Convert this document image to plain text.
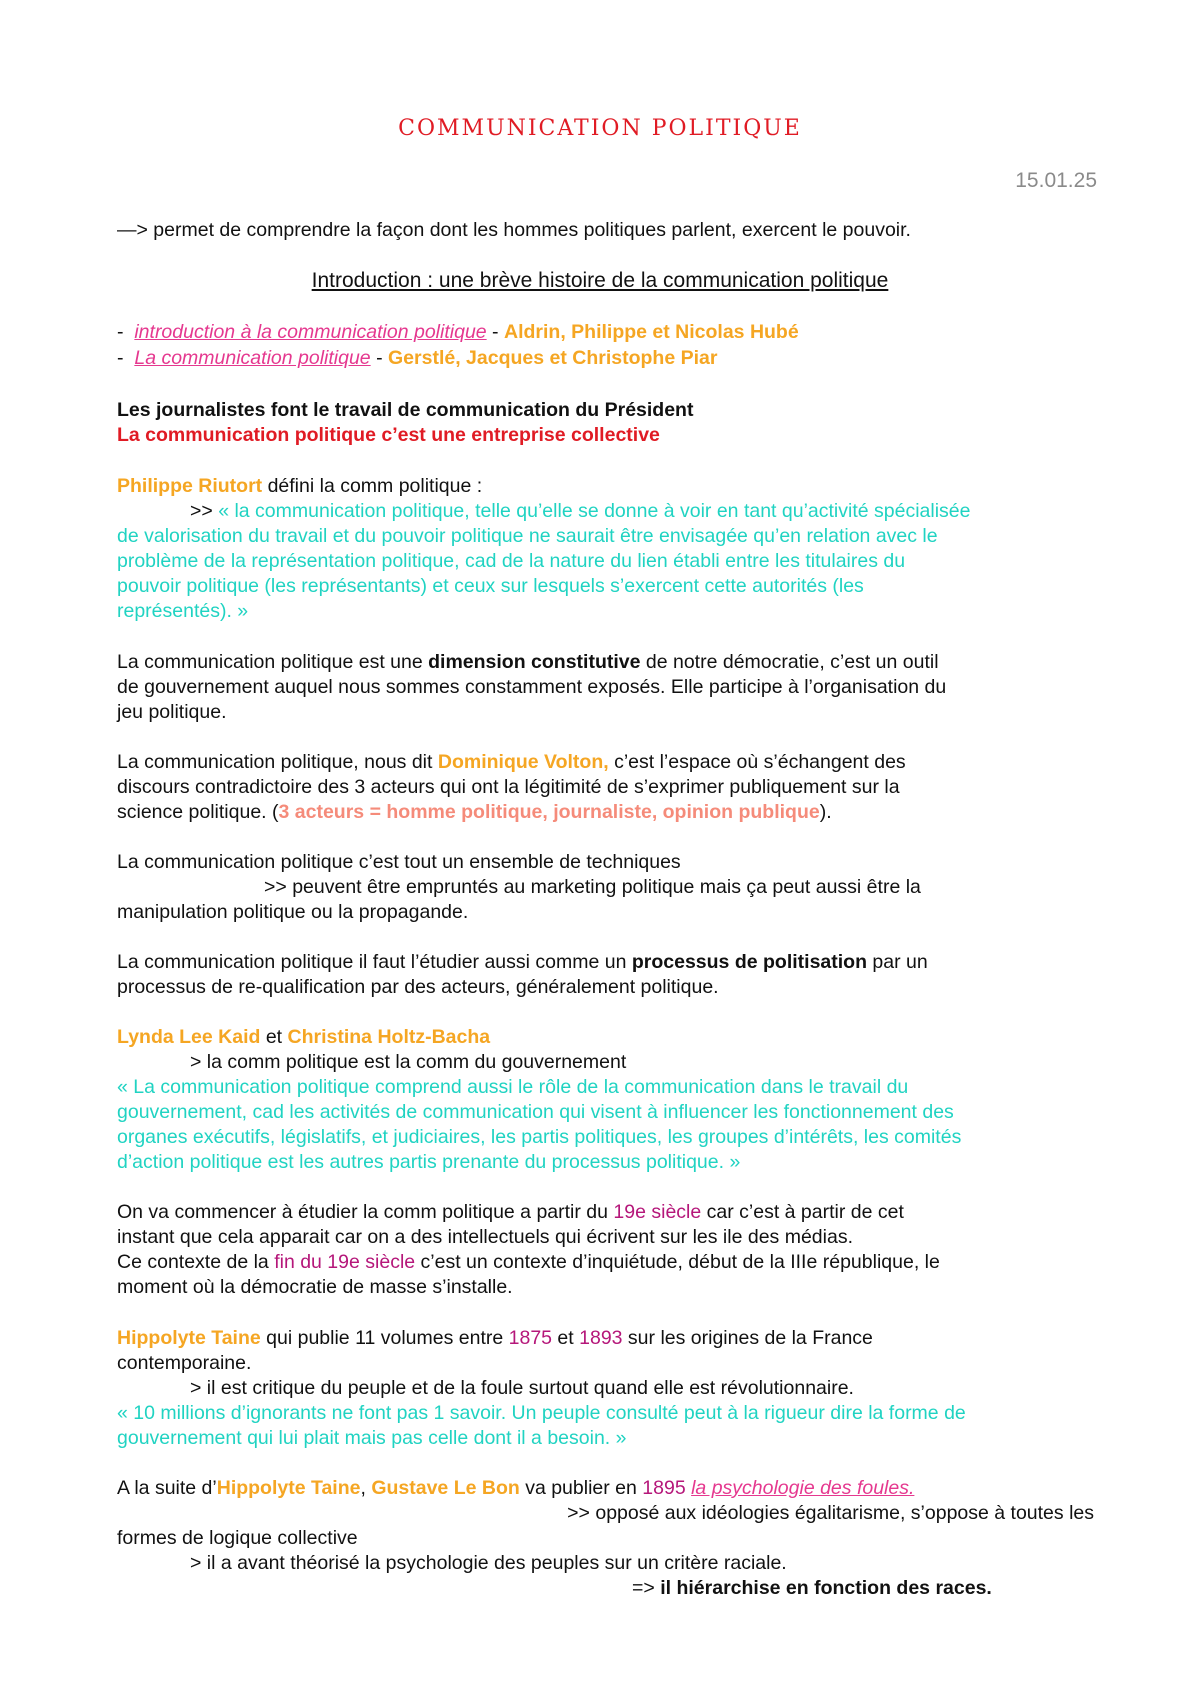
COMMUNICATION POLITIQUE
15.01.25
—> permet de comprendre la façon dont les hommes politiques parlent, exercent le pouvoir.
Introduction : une brève histoire de la communication politique
- introduction à la communication politique - Aldrin, Philippe et Nicolas Hubé
- La communication politique - Gerstlé, Jacques et Christophe Piar
Les journalistes font le travail de communication du Président
La communication politique c’est une entreprise collective
Philippe Riutort défini la comm politique :
>> « la communication politique, telle qu’elle se donne à voir en tant qu’activité spécialisée
de valorisation du travail et du pouvoir politique ne saurait être envisagée qu’en relation avec le
problème de la représentation politique, cad de la nature du lien établi entre les titulaires du
pouvoir politique (les représentants) et ceux sur lesquels s’exercent cette autorités (les
représentés). »
La communication politique est une dimension constitutive de notre démocratie, c’est un outil
de gouvernement auquel nous sommes constamment exposés. Elle participe à l’organisation du
jeu politique.
La communication politique, nous dit Dominique Volton, c’est l’espace où s’échangent des
discours contradictoire des 3 acteurs qui ont la légitimité de s’exprimer publiquement sur la
science politique. (3 acteurs = homme politique, journaliste, opinion publique).
La communication politique c’est tout un ensemble de techniques
>> peuvent être empruntés au marketing politique mais ça peut aussi être la
manipulation politique ou la propagande.
La communication politique il faut l’étudier aussi comme un processus de politisation par un
processus de re-qualification par des acteurs, généralement politique.
Lynda Lee Kaid et Christina Holtz-Bacha
> la comm politique est la comm du gouvernement
« La communication politique comprend aussi le rôle de la communication dans le travail du
gouvernement, cad les activités de communication qui visent à influencer les fonctionnement des
organes exécutifs, législatifs, et judiciaires, les partis politiques, les groupes d’intérêts, les comités
d’action politique est les autres partis prenante du processus politique. »
On va commencer à étudier la comm politique a partir du 19e siècle car c’est à partir de cet
instant que cela apparait car on a des intellectuels qui écrivent sur les ile des médias.
Ce contexte de la fin du 19e siècle c’est un contexte d’inquiétude, début de la IIIe république, le
moment où la démocratie de masse s’installe.
Hippolyte Taine qui publie 11 volumes entre 1875 et 1893 sur les origines de la France
contemporaine.
> il est critique du peuple et de la foule surtout quand elle est révolutionnaire.
« 10 millions d’ignorants ne font pas 1 savoir. Un peuple consulté peut à la rigueur dire la forme de
gouvernement qui lui plait mais pas celle dont il a besoin. »
A la suite d’Hippolyte Taine, Gustave Le Bon va publier en 1895 la psychologie des foules.
>> opposé aux idéologies égalitarisme, s’oppose à toutes les
formes de logique collective
> il a avant théorisé la psychologie des peuples sur un critère raciale.
=> il hiérarchise en fonction des races.
